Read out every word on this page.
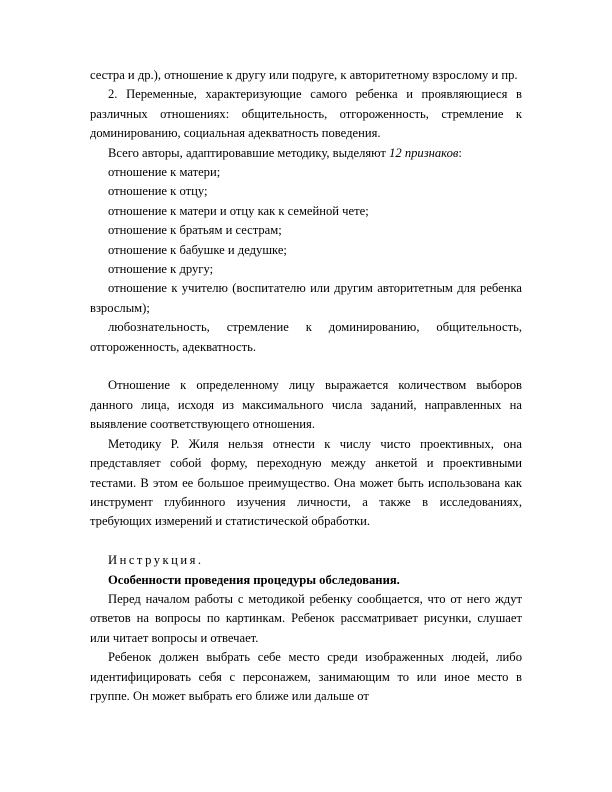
сестра и др.), отношение к другу или подруге, к авторитетному взрослому и пр.

2. Переменные, характеризующие самого ребенка и проявляющиеся в различных отношениях: общительность, отгороженность, стремление к доминированию, социальная адекватность поведения.

Всего авторы, адаптировавшие методику, выделяют 12 признаков:

отношение к матери;

отношение к отцу;

отношение к матери и отцу как к семейной чете;

отношение к братьям и сестрам;

отношение к бабушке и дедушке;

отношение к другу;

отношение к учителю (воспитателю или другим авторитетным для ребенка взрослым);

любознательность, стремление к доминированию, общительность, отгороженность, адекватность.

Отношение к определенному лицу выражается количеством выборов данного лица, исходя из максимального числа заданий, направленных на выявление соответствующего отношения.

Методику Р. Жиля нельзя отнести к числу чисто проективных, она представляет собой форму, переходную между анкетой и проективными тестами. В этом ее большое преимущество. Она может быть использована как инструмент глубинного изучения личности, а также в исследованиях, требующих измерений и статистической обработки.

Инструкция.

Особенности проведения процедуры обследования.

Перед началом работы с методикой ребенку сообщается, что от него ждут ответов на вопросы по картинкам. Ребенок рассматривает рисунки, слушает или читает вопросы и отвечает.

Ребенок должен выбрать себе место среди изображенных людей, либо идентифицировать себя с персонажем, занимающим то или иное место в группе. Он может выбрать его ближе или дальше от
